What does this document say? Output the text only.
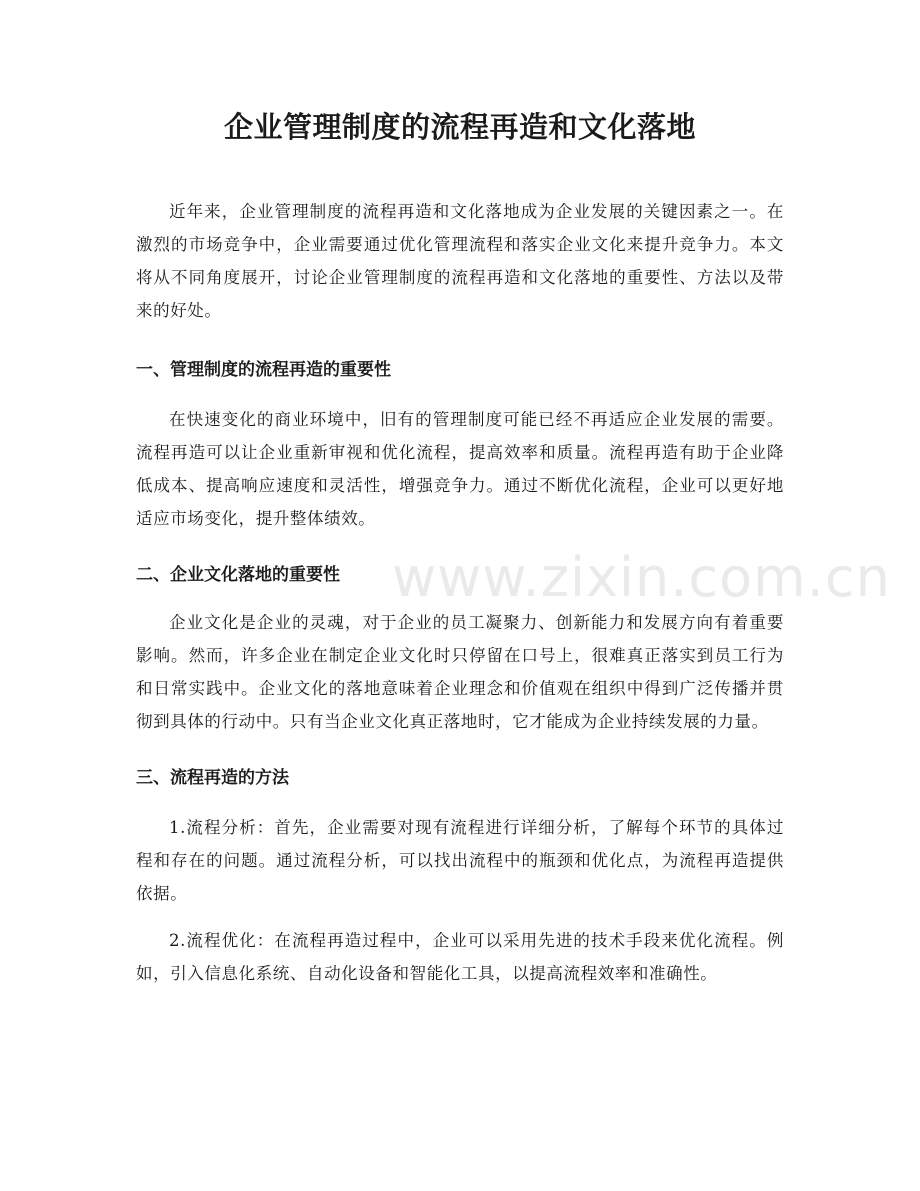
企业管理制度的流程再造和文化落地

近年来，企业管理制度的流程再造和文化落地成为企业发展的关键因素之一。在激烈的市场竞争中，企业需要通过优化管理流程和落实企业文化来提升竞争力。本文将从不同角度展开，讨论企业管理制度的流程再造和文化落地的重要性、方法以及带来的好处。

一、管理制度的流程再造的重要性

在快速变化的商业环境中，旧有的管理制度可能已经不再适应企业发展的需要。流程再造可以让企业重新审视和优化流程，提高效率和质量。流程再造有助于企业降低成本、提高响应速度和灵活性，增强竞争力。通过不断优化流程，企业可以更好地适应市场变化，提升整体绩效。

二、企业文化落地的重要性

企业文化是企业的灵魂，对于企业的员工凝聚力、创新能力和发展方向有着重要影响。然而，许多企业在制定企业文化时只停留在口号上，很难真正落实到员工行为和日常实践中。企业文化的落地意味着企业理念和价值观在组织中得到广泛传播并贯彻到具体的行动中。只有当企业文化真正落地时，它才能成为企业持续发展的力量。

三、流程再造的方法

1.流程分析：首先，企业需要对现有流程进行详细分析，了解每个环节的具体过程和存在的问题。通过流程分析，可以找出流程中的瓶颈和优化点，为流程再造提供依据。

2.流程优化：在流程再造过程中，企业可以采用先进的技术手段来优化流程。例如，引入信息化系统、自动化设备和智能化工具，以提高流程效率和准确性。

www.zixin.com.cn
